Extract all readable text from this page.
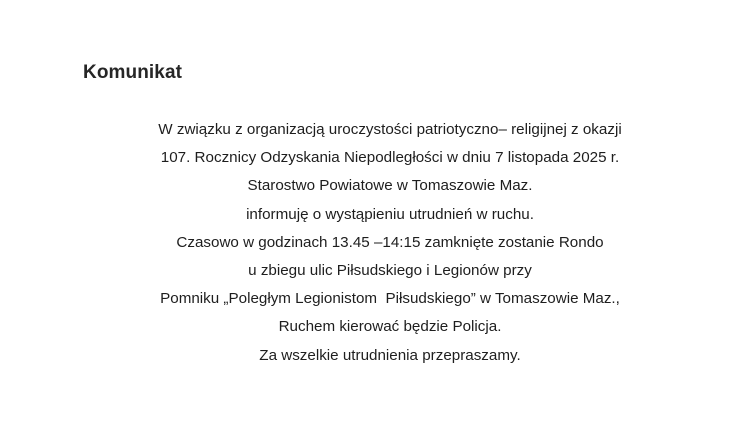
Komunikat
W związku z organizacją uroczystości patriotyczno– religijnej z okazji
107. Rocznicy Odzyskania Niepodległości w dniu 7 listopada 2025 r.
Starostwo Powiatowe w Tomaszowie Maz.
informuję o wystąpieniu utrudnień w ruchu.
Czasowo w godzinach 13.45 –14:15 zamknięte zostanie Rondo
u zbiegu ulic Piłsudskiego i Legionów przy
Pomniku „Poległym Legionistom  Piłsudskiego” w Tomaszowie Maz.,
Ruchem kierować będzie Policja.
Za wszelkie utrudnienia przepraszamy.
